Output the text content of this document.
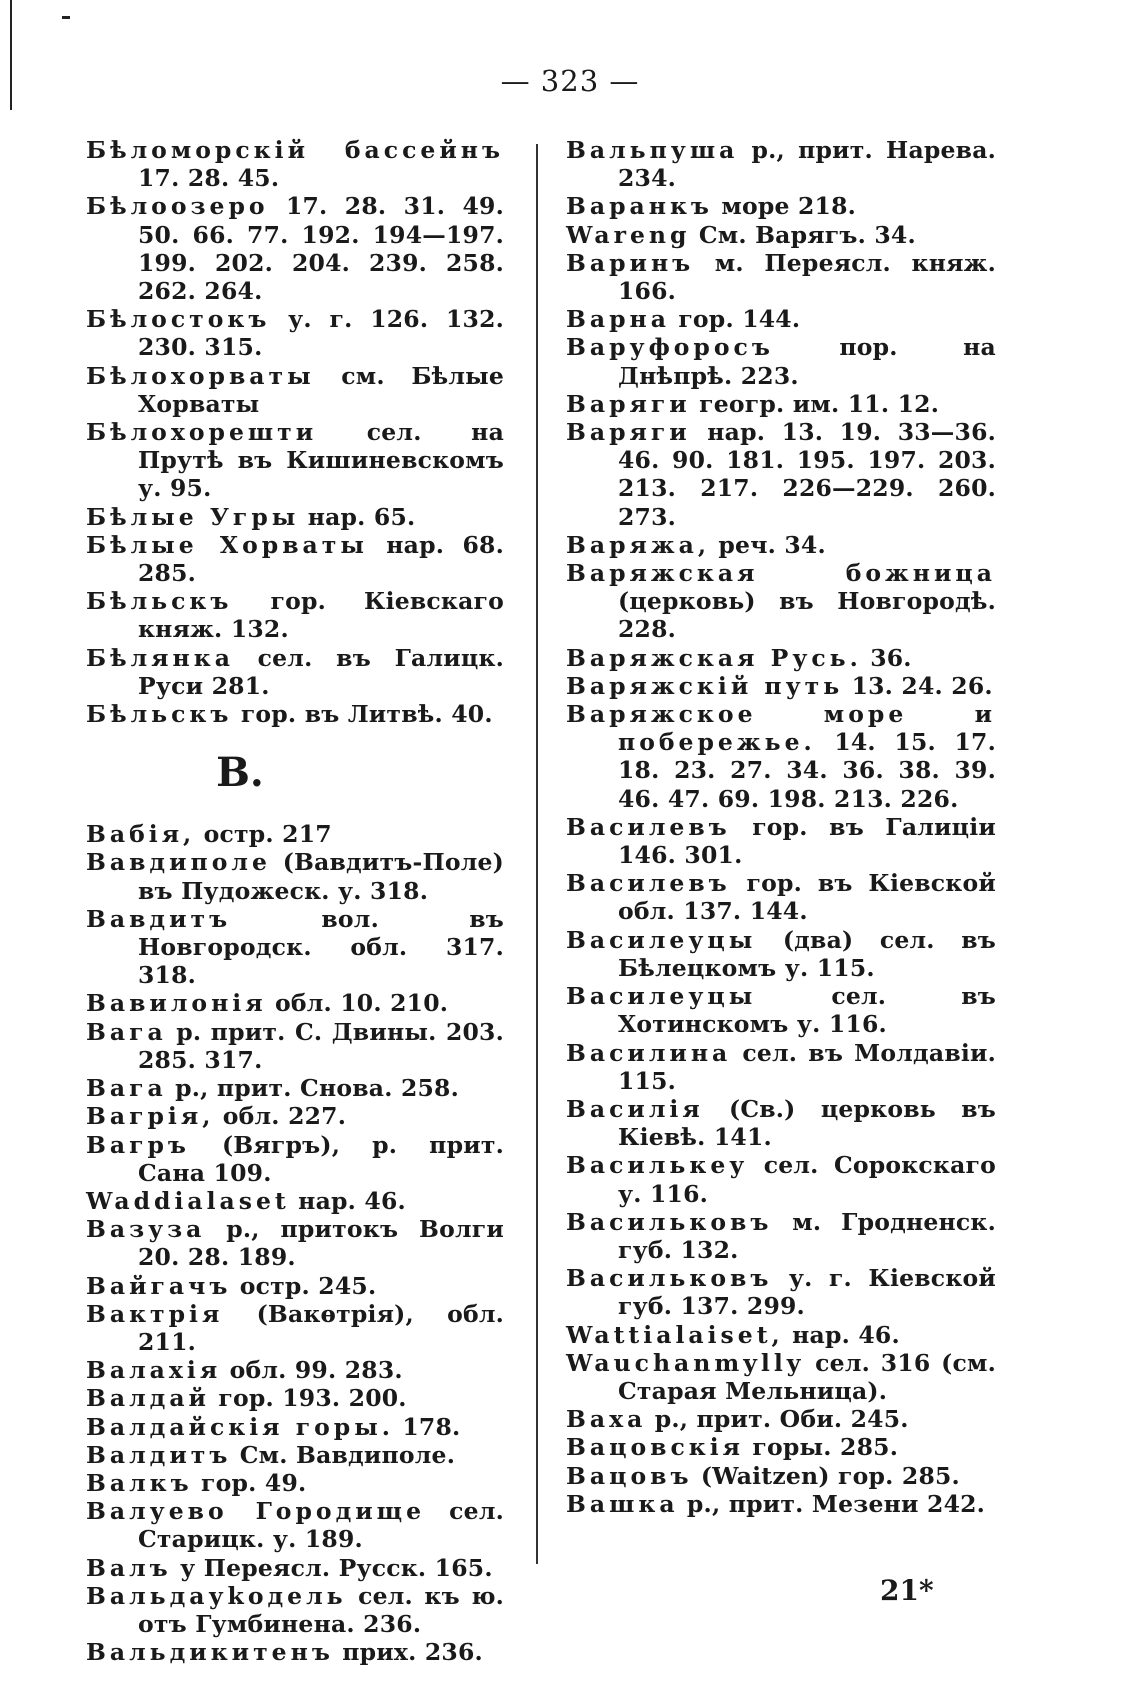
— 323 —
Бѣломорскій бассейнъ 17. 28. 45.
Бѣлоозеро 17. 28. 31. 49. 50. 66. 77. 192. 194—197. 199. 202. 204. 239. 258. 262. 264.
Бѣлостокъ у. г. 126. 132. 230. 315.
Бѣлохорваты см. Бѣлые Хорваты
Бѣлохорешти сел. на Прутѣ въ Кишиневскомъ у. 95.
Бѣлые Угры нар. 65.
Бѣлые Хорваты нар. 68. 285.
Бѣльскъ гор. Кіевскаго княж. 132.
Бѣлянка сел. въ Галицк. Руси 281.
Бѣльскъ гор. въ Литвѣ. 40.
В.
Вабія, остр. 217
Вавдиполе (Вавдитъ-Поле) въ Пудожеск. у. 318.
Вавдитъ вол. въ Новгородск. обл. 317. 318.
Вавилонія обл. 10. 210.
Вага р. прит. С. Двины. 203. 285. 317.
Вага р., прит. Снова. 258.
Вагрія, обл. 227.
Вагръ (Вягръ), р. прит. Сана 109.
Waddialaset нар. 46.
Вазуза р., притокъ Волги 20. 28. 189.
Вайгачъ остр. 245.
Вактрія (Вакѳтрія), обл. 211.
Валахія обл. 99. 283.
Валдай гор. 193. 200.
Валдайскія горы. 178.
Валдитъ См. Вавдиполе.
Валкъ гор. 49.
Валуево Городище сел. Старицк. у. 189.
Валъ у Переясл. Русск. 165.
Вальдауkодель сел. къ ю. отъ Гумбиненa. 236.
Вальдикитенъ прих. 236.
Вальпуша р., прит. Нарева. 234.
Варанкъ море 218.
Wareng См. Варягъ. 34.
Варинъ м. Переясл. княж. 166.
Варна гор. 144.
Варуфоросъ пор. на Днѣпрѣ. 223.
Варяги геогр. им. 11. 12.
Варяги нар. 13. 19. 33—36. 46. 90. 181. 195. 197. 203. 213. 217. 226—229. 260. 273.
Варяжа, реч. 34.
Варяжская божница (церковь) въ Новгородѣ. 228.
Варяжская Русь. 36.
Варяжскій путь 13. 24. 26.
Варяжское море и побережье. 14. 15. 17. 18. 23. 27. 34. 36. 38. 39. 46. 47. 69. 198. 213. 226.
Василевъ гор. въ Галиціи 146. 301.
Василевъ гор. въ Кіевской обл. 137. 144.
Василеуцы (два) сел. въ Бѣлецкомъ у. 115.
Василеуцы сел. въ Хотинскомъ у. 116.
Василина сел. въ Молдавіи. 115.
Василія (Св.) церковь въ Кіевѣ. 141.
Василькеу сел. Сорокскаго у. 116.
Васильковъ м. Гродненск. губ. 132.
Васильковъ у. г. Кіевской губ. 137. 299.
Wattialaiset, нар. 46.
Wauchanmylly сел. 316 (см. Старая Мельница).
Ваха р., прит. Оби. 245.
Вацовскія горы. 285.
Вацовъ (Waitzen) гор. 285.
Вашка р., прит. Мезени 242.
21*
